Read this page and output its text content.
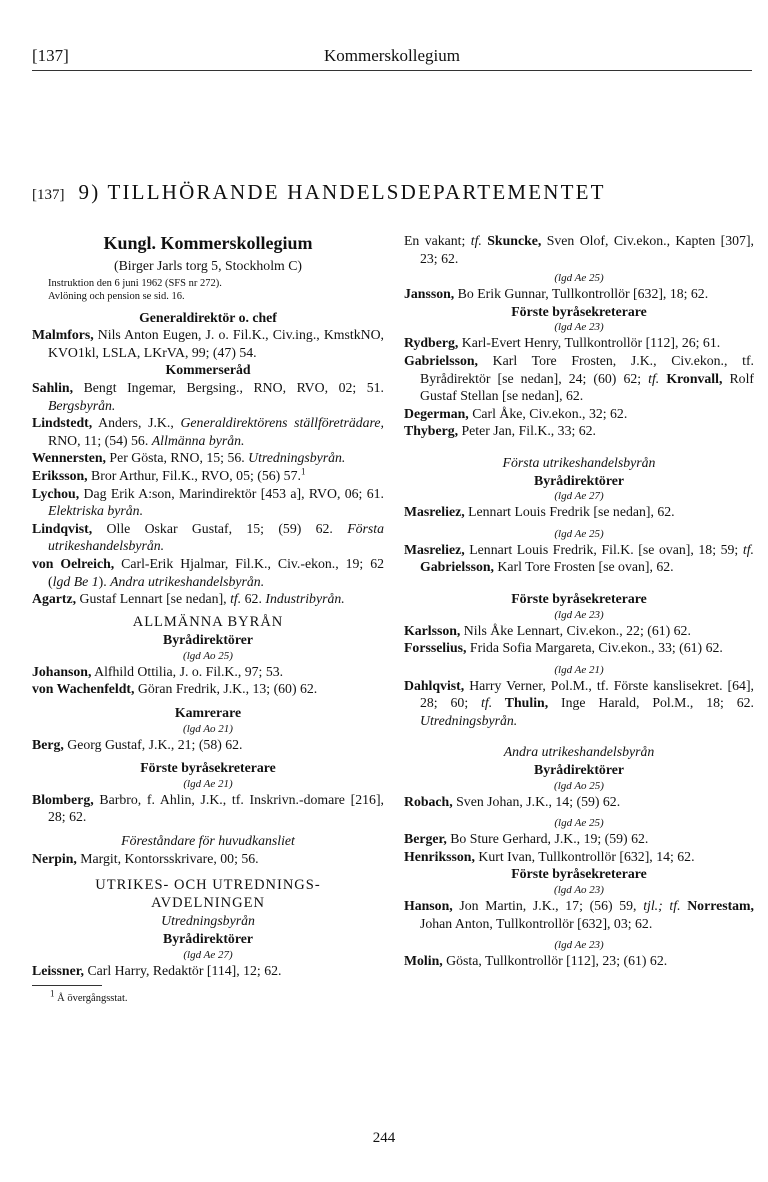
[137]	Kommerskollegium
[137] 9) TILLHÖRANDE HANDELSDEPARTEMENTET
Kungl. Kommerskollegium
(Birger Jarls torg 5, Stockholm C)
Instruktion den 6 juni 1962 (SFS nr 272).
Avlöning och pension se sid. 16.
Generaldirektör o. chef
Malmfors, Nils Anton Eugen, J. o. Fil.K., Civ.ing., KmstkNO, KVO1kl, LSLA, LKrVA, 99; (47) 54.
Kommerseråd
Sahlin, Bengt Ingemar, Bergsing., RNO, RVO, 02; 51. Bergsbyrån.
Lindstedt, Anders, J.K., Generaldirektörens ställföreträdare, RNO, 11; (54) 56. Allmänna byrån.
Wennersten, Per Gösta, RNO, 15; 56. Utredningsbyrån.
Eriksson, Bror Arthur, Fil.K., RVO, 05; (56) 57.$^1$
Lychou, Dag Erik A:son, Marindirektör [453 a], RVO, 06; 61. Elektriska byrån.
Lindqvist, Olle Oskar Gustaf, 15; (59) 62. Första utrikeshandelsbyrån.
von Oelreich, Carl-Erik Hjalmar, Fil.K., Civ.-ekon., 19; 62 (lgd Be 1). Andra utrikeshandelsbyrån.
Agartz, Gustaf Lennart [se nedan], tf. 62. Industribyrån.
ALLMÄNNA BYRÅN
Byrådirektörer
(lgd Ao 25)
Johanson, Alfhild Ottilia, J. o. Fil.K., 97; 53.
von Wachenfeldt, Göran Fredrik, J.K., 13; (60) 62.
Kamrerare
(lgd Ao 21)
Berg, Georg Gustaf, J.K., 21; (58) 62.
Förste byråsekreterare
(lgd Ae 21)
Blomberg, Barbro, f. Ahlin, J.K., tf. Inskrivn.-domare [216], 28; 62.
Föreståndare för huvudkansliet
Nerpin, Margit, Kontorsskrivare, 00; 56.
UTRIKES- OCH UTREDNINGS-
AVDELNINGEN
Utredningsbyrån
Byrådirektörer
(lgd Ae 27)
Leissner, Carl Harry, Redaktör [114], 12; 62.
$^1$ Å övergångsstat.
En vakant; tf. Skuncke, Sven Olof, Civ.ekon., Kapten [307], 23; 62.
(lgd Ae 25)
Jansson, Bo Erik Gunnar, Tullkontrollör [632], 18; 62.
Förste byråsekreterare
(lgd Ae 23)
Rydberg, Karl-Evert Henry, Tullkontrollör [112], 26; 61.
Gabrielsson, Karl Tore Frosten, J.K., Civ.ekon., tf. Byrådirektör [se nedan], 24; (60) 62; tf. Kronvall, Rolf Gustaf Stellan [se nedan], 62.
Degerman, Carl Åke, Civ.ekon., 32; 62.
Thyberg, Peter Jan, Fil.K., 33; 62.
Första utrikeshandelsbyrån
Byrådirektörer
(lgd Ae 27)
Masreliez, Lennart Louis Fredrik [se nedan], 62.
(lgd Ae 25)
Masreliez, Lennart Louis Fredrik, Fil.K. [se ovan], 18; 59; tf. Gabrielsson, Karl Tore Frosten [se ovan], 62.
Förste byråsekreterare
(lgd Ae 23)
Karlsson, Nils Åke Lennart, Civ.ekon., 22; (61) 62.
Forsselius, Frida Sofia Margareta, Civ.ekon., 33; (61) 62.
(lgd Ae 21)
Dahlqvist, Harry Verner, Pol.M., tf. Förste kanslisekret. [64], 28; 60; tf. Thulin, Inge Harald, Pol.M., 18; 62. Utredningsbyrån.
Andra utrikeshandelsbyrån
Byrådirektörer
(lgd Ao 25)
Robach, Sven Johan, J.K., 14; (59) 62.
(lgd Ae 25)
Berger, Bo Sture Gerhard, J.K., 19; (59) 62.
Henriksson, Kurt Ivan, Tullkontrollör [632], 14; 62.
Förste byråsekreterare
(lgd Ao 23)
Hanson, Jon Martin, J.K., 17; (56) 59, tjl.; tf. Norrestam, Johan Anton, Tullkontrollör [632], 03; 62.
(lgd Ae 23)
Molin, Gösta, Tullkontrollör [112], 23; (61) 62.
244
